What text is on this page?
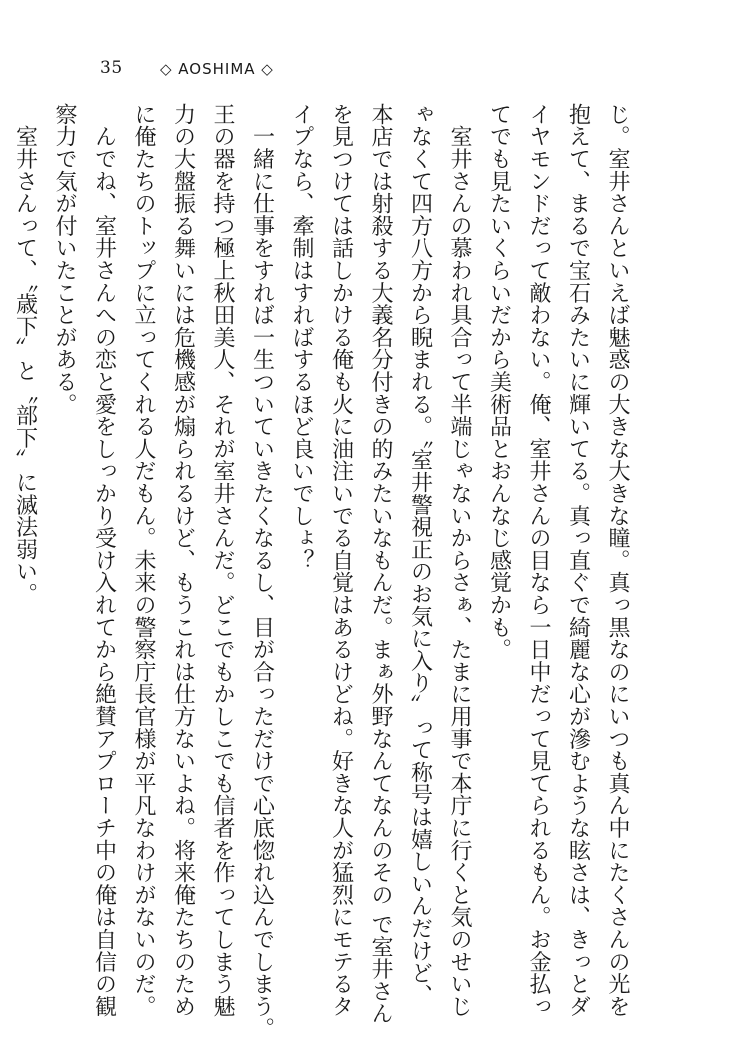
35 ◇ AOSHIMA ◇
じ。室井さんといえば魅惑の大きな大きな瞳。真っ黒なのにいつも真ん中にたくさんの光を
抱えて、まるで宝石みたいに輝いてる。真っ直ぐで綺麗な心が滲むような眩さは、きっとダ
イヤモンドだって敵わない。俺、室井さんの目なら一日中だって見てられるもん。お金払っ
てでも見たいくらいだから美術品とおんなじ感覚かも。
　室井さんの慕われ具合って半端じゃないからさぁ、たまに用事で本庁に行くと気のせいじ
ゃなくて四方八方から睨まれる。〝室井警視正のお気に入り〟って称号は嬉しいんだけど、
本店では射殺する大義名分付きの的みたいなもんだ。まぁ外野なんてなんのその で室井さん
を見つけては話しかける俺も火に油注いでる自覚はあるけどね。好きな人が猛烈にモテるタ
イプなら、牽制はすればするほど良いでしょ？
　一緒に仕事をすれば一生ついていきたくなるし、目が合っただけで心底惚れ込んでしまう。
王の器を持つ極上秋田美人、それが室井さんだ。どこでもかしこでも信者を作ってしまう魅
力の大盤振る舞いには危機感が煽られるけど、もうこれは仕方ないよね。将来俺たちのため
に俺たちのトップに立ってくれる人だもん。未来の警察庁長官様が平凡なわけがないのだ。
　んでね、室井さんへの恋と愛をしっかり受け入れてから絶賛アプローチ中の俺は自信の観
察力で気が付いたことがある。
　室井さんって、〝歳下〟と〝部下〟に滅法弱い。
